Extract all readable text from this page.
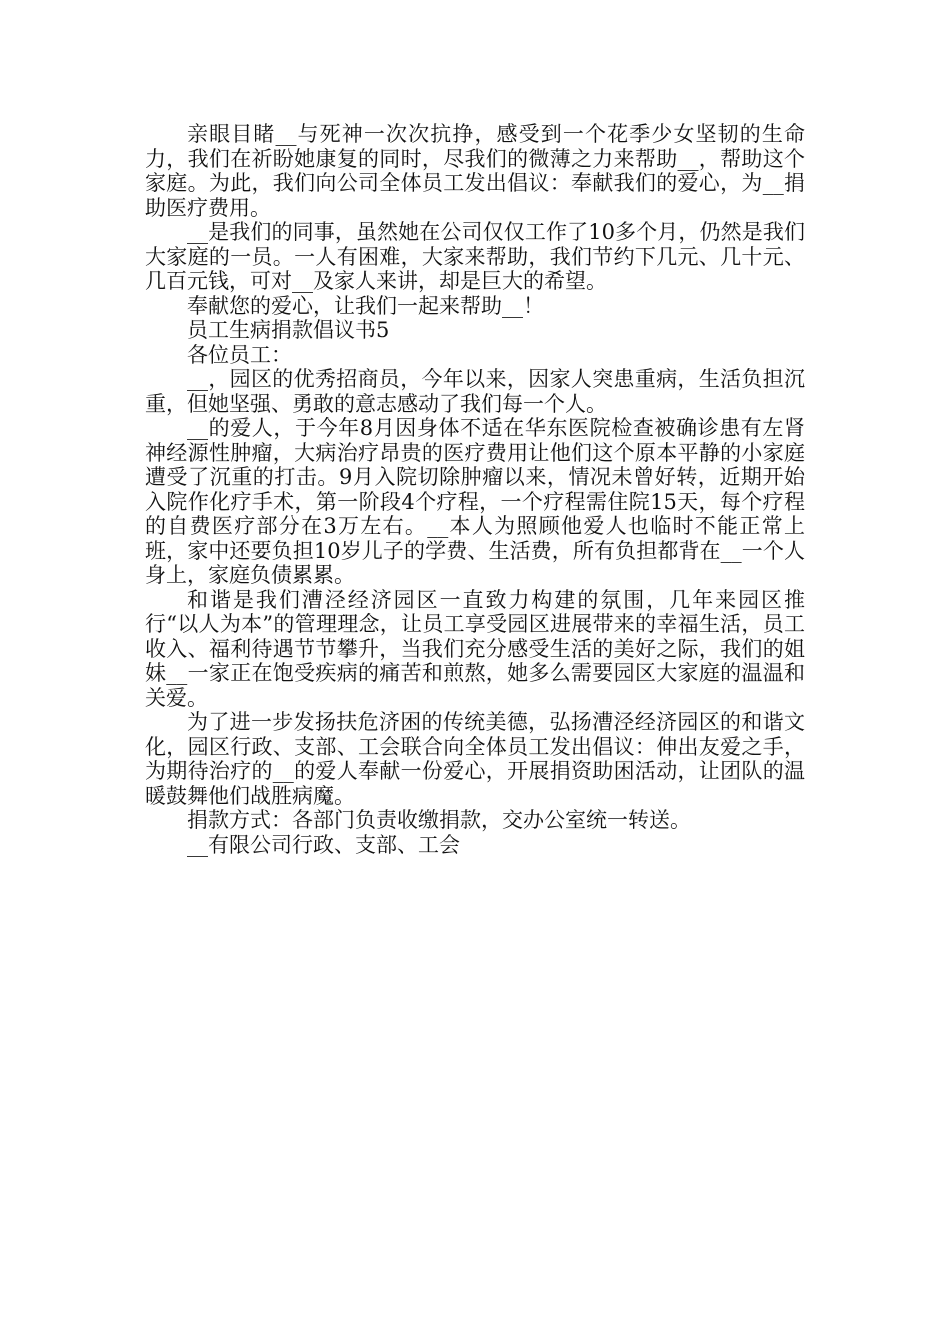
亲眼目睹__与死神一次次抗挣，感受到一个花季少女坚韧的生命力，我们在祈盼她康复的同时，尽我们的微薄之力来帮助__，帮助这个家庭。为此，我们向公司全体员工发出倡议：奉献我们的爱心，为__捐助医疗费用。

__是我们的同事，虽然她在公司仅仅工作了10多个月，仍然是我们大家庭的一员。一人有困难，大家来帮助，我们节约下几元、几十元、几百元钱，可对__及家人来讲，却是巨大的希望。

奉献您的爱心，让我们一起来帮助__！

员工生病捐款倡议书5

各位员工：

__，园区的优秀招商员，今年以来，因家人突患重病，生活负担沉重，但她坚强、勇敢的意志感动了我们每一个人。

__的爱人，于今年8月因身体不适在华东医院检查被确诊患有左肾神经源性肿瘤，大病治疗昂贵的医疗费用让他们这个原本平静的小家庭遭受了沉重的打击。9月入院切除肿瘤以来，情况未曾好转，近期开始入院作化疗手术，第一阶段4个疗程，一个疗程需住院15天，每个疗程的自费医疗部分在3万左右。__本人为照顾他爱人也临时不能正常上班，家中还要负担10岁儿子的学费、生活费，所有负担都背在__一个人身上，家庭负债累累。

和谐是我们漕泾经济园区一直致力构建的氛围，几年来园区推行“以人为本”的管理理念，让员工享受园区进展带来的幸福生活，员工收入、福利待遇节节攀升，当我们充分感受生活的美好之际，我们的姐妹__一家正在饱受疾病的痛苦和煎熬，她多么需要园区大家庭的温温和关爱。

为了进一步发扬扶危济困的传统美德，弘扬漕泾经济园区的和谐文化，园区行政、支部、工会联合向全体员工发出倡议：伸出友爱之手，为期待治疗的__的爱人奉献一份爱心，开展捐资助困活动，让团队的温暖鼓舞他们战胜病魔。

捐款方式：各部门负责收缴捐款，交办公室统一转送。

__有限公司行政、支部、工会
